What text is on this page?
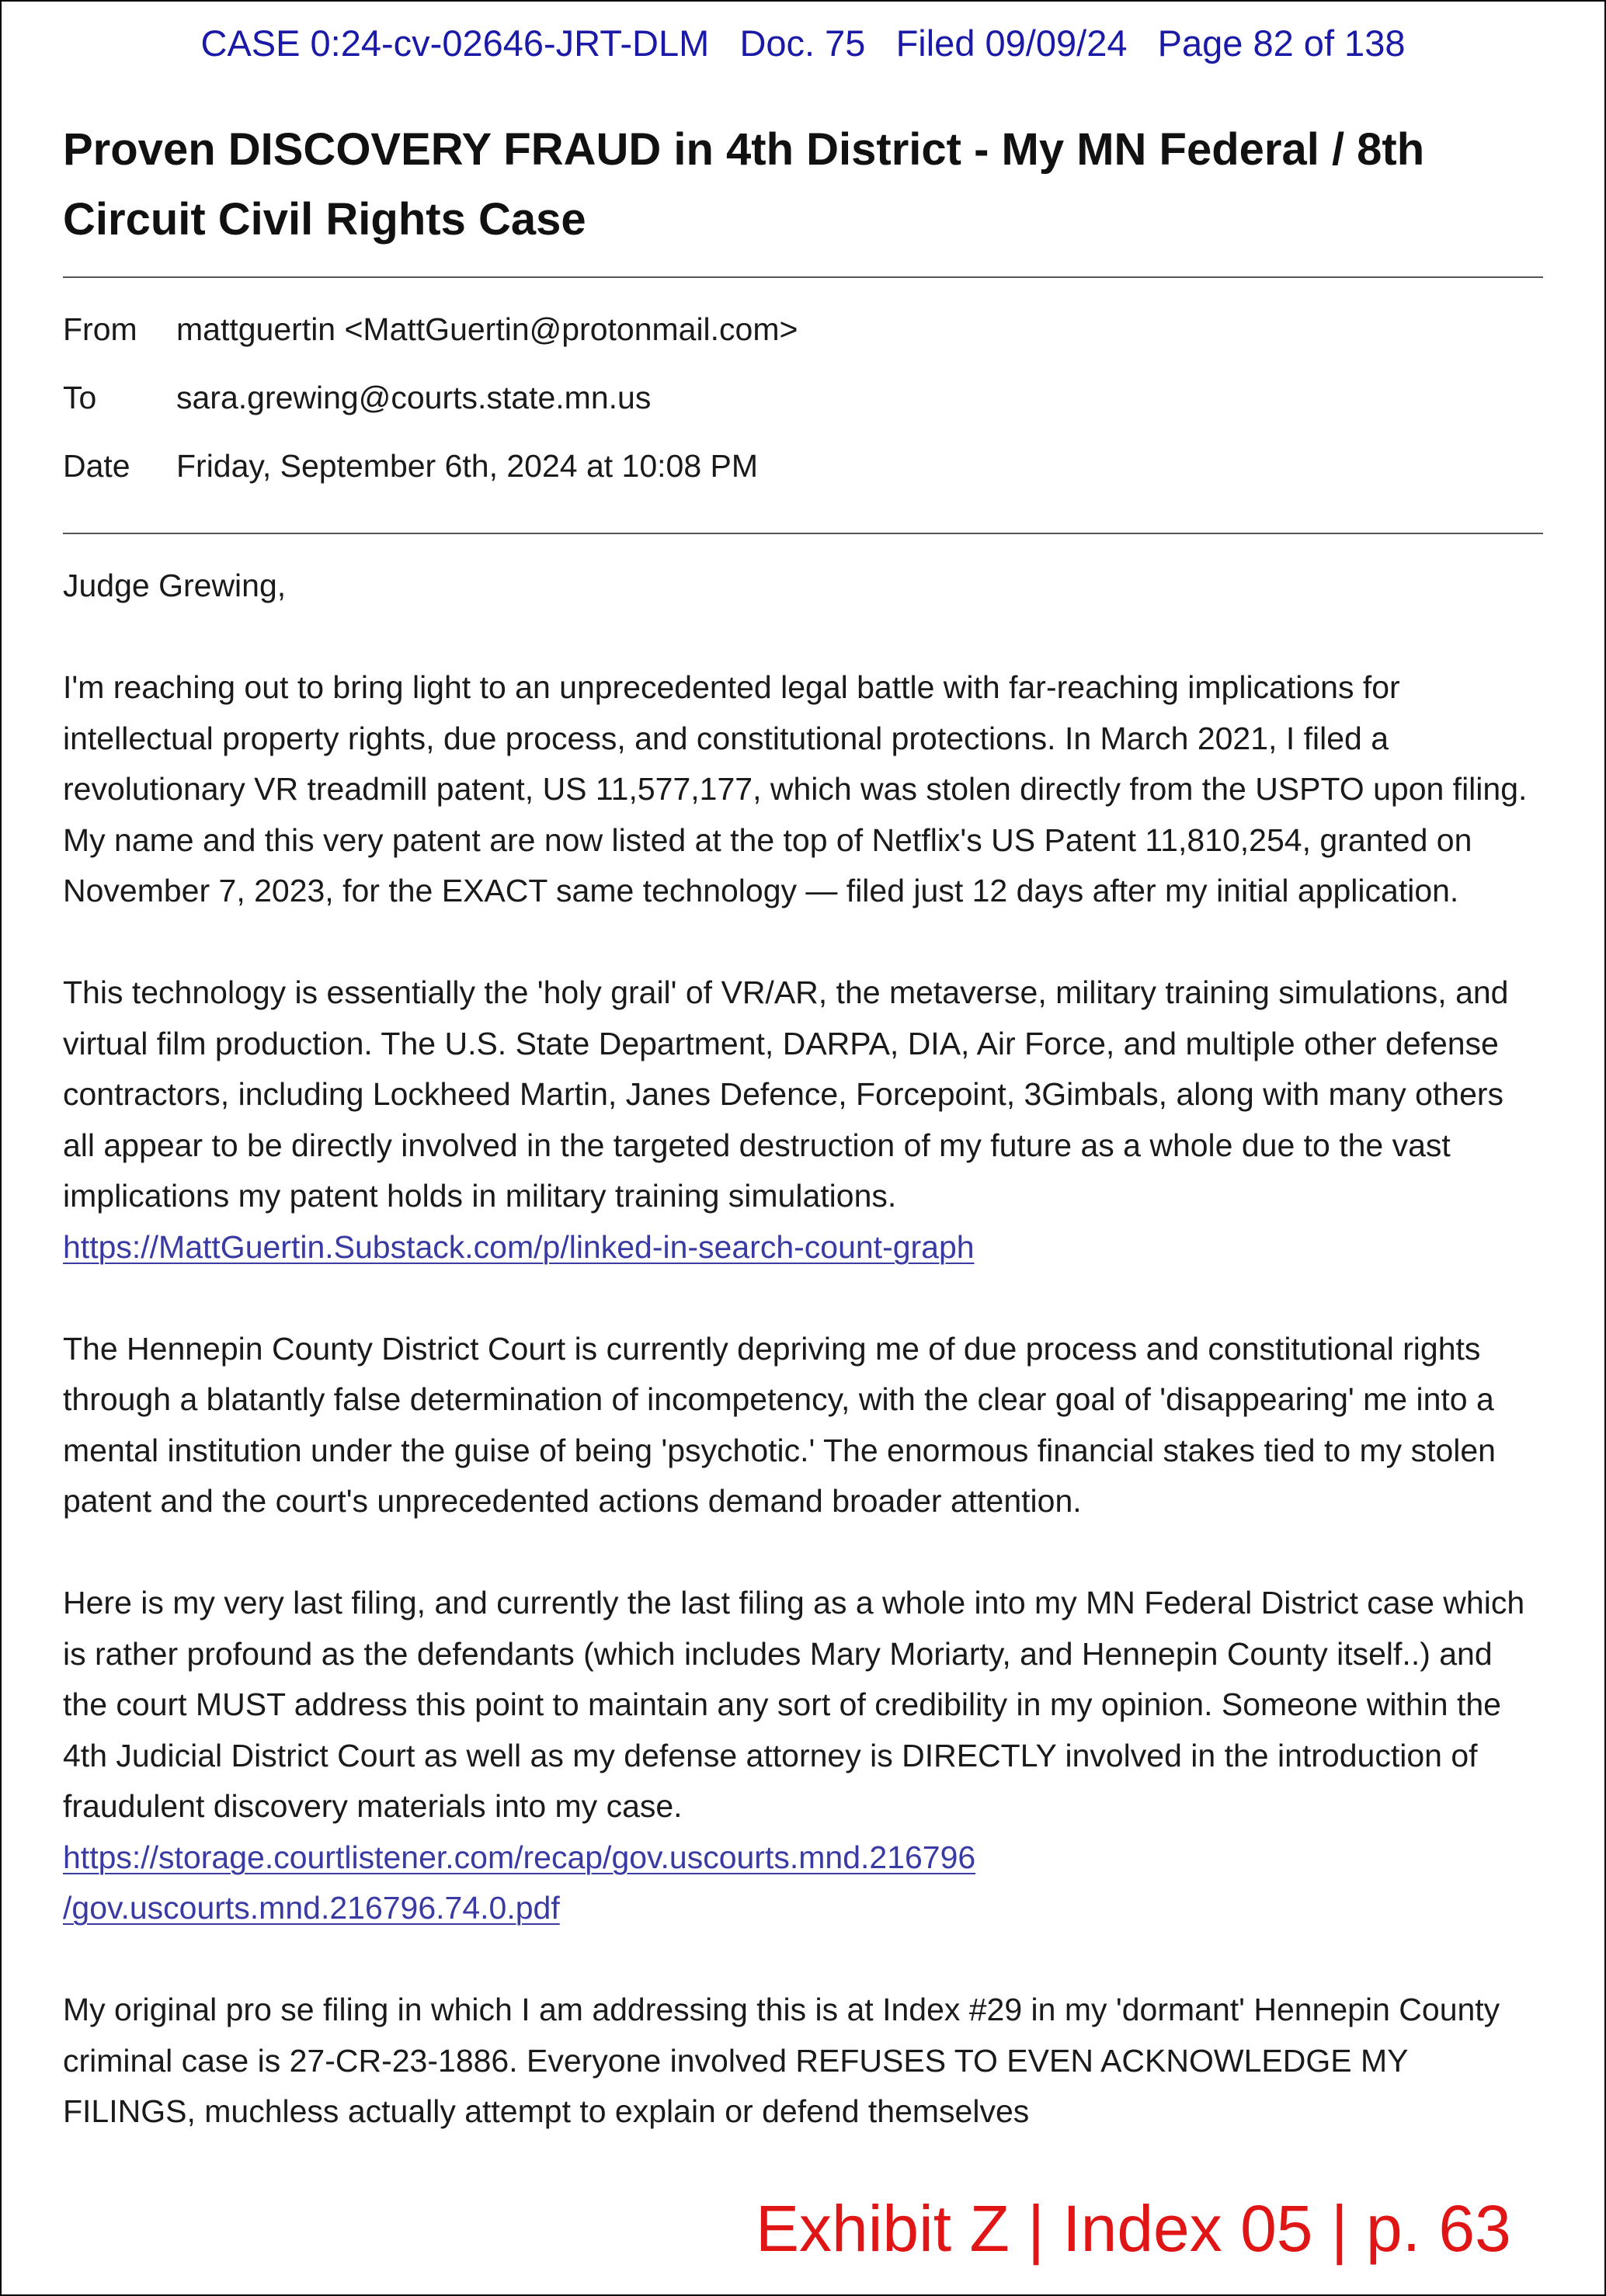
CASE 0:24-cv-02646-JRT-DLM   Doc. 75   Filed 09/09/24   Page 82 of 138
Proven DISCOVERY FRAUD in 4th District - My MN Federal / 8th Circuit Civil Rights Case
From	mattguertin <MattGuertin@protonmail.com>
To	sara.grewing@courts.state.mn.us
Date	Friday, September 6th, 2024 at 10:08 PM

Judge Grewing,

I'm reaching out to bring light to an unprecedented legal battle with far-reaching implications for intellectual property rights, due process, and constitutional protections. In March 2021, I filed a revolutionary VR treadmill patent, US 11,577,177, which was stolen directly from the USPTO upon filing. My name and this very patent are now listed at the top of Netflix's US Patent 11,810,254, granted on November 7, 2023, for the EXACT same technology — filed just 12 days after my initial application.

This technology is essentially the 'holy grail' of VR/AR, the metaverse, military training simulations, and virtual film production. The U.S. State Department, DARPA, DIA, Air Force, and multiple other defense contractors, including Lockheed Martin, Janes Defence, Forcepoint, 3Gimbals, along with many others all appear to be directly involved in the targeted destruction of my future as a whole due to the vast implications my patent holds in military training simulations.
https://MattGuertin.Substack.com/p/linked-in-search-count-graph

The Hennepin County District Court is currently depriving me of due process and constitutional rights through a blatantly false determination of incompetency, with the clear goal of 'disappearing' me into a mental institution under the guise of being 'psychotic.' The enormous financial stakes tied to my stolen patent and the court's unprecedented actions demand broader attention.

Here is my very last filing, and currently the last filing as a whole into my MN Federal District case which is rather profound as the defendants (which includes Mary Moriarty, and Hennepin County itself..) and the court MUST address this point to maintain any sort of credibility in my opinion. Someone within the 4th Judicial District Court as well as my defense attorney is DIRECTLY involved in the introduction of fraudulent discovery materials into my case.
https://storage.courtlistener.com/recap/gov.uscourts.mnd.216796
/gov.uscourts.mnd.216796.74.0.pdf

My original pro se filing in which I am addressing this is at Index #29 in my 'dormant' Hennepin County criminal case is 27-CR-23-1886. Everyone involved REFUSES TO EVEN ACKNOWLEDGE MY FILINGS, muchless actually attempt to explain or defend themselves

Exhibit Z | Index 05 | p. 63
